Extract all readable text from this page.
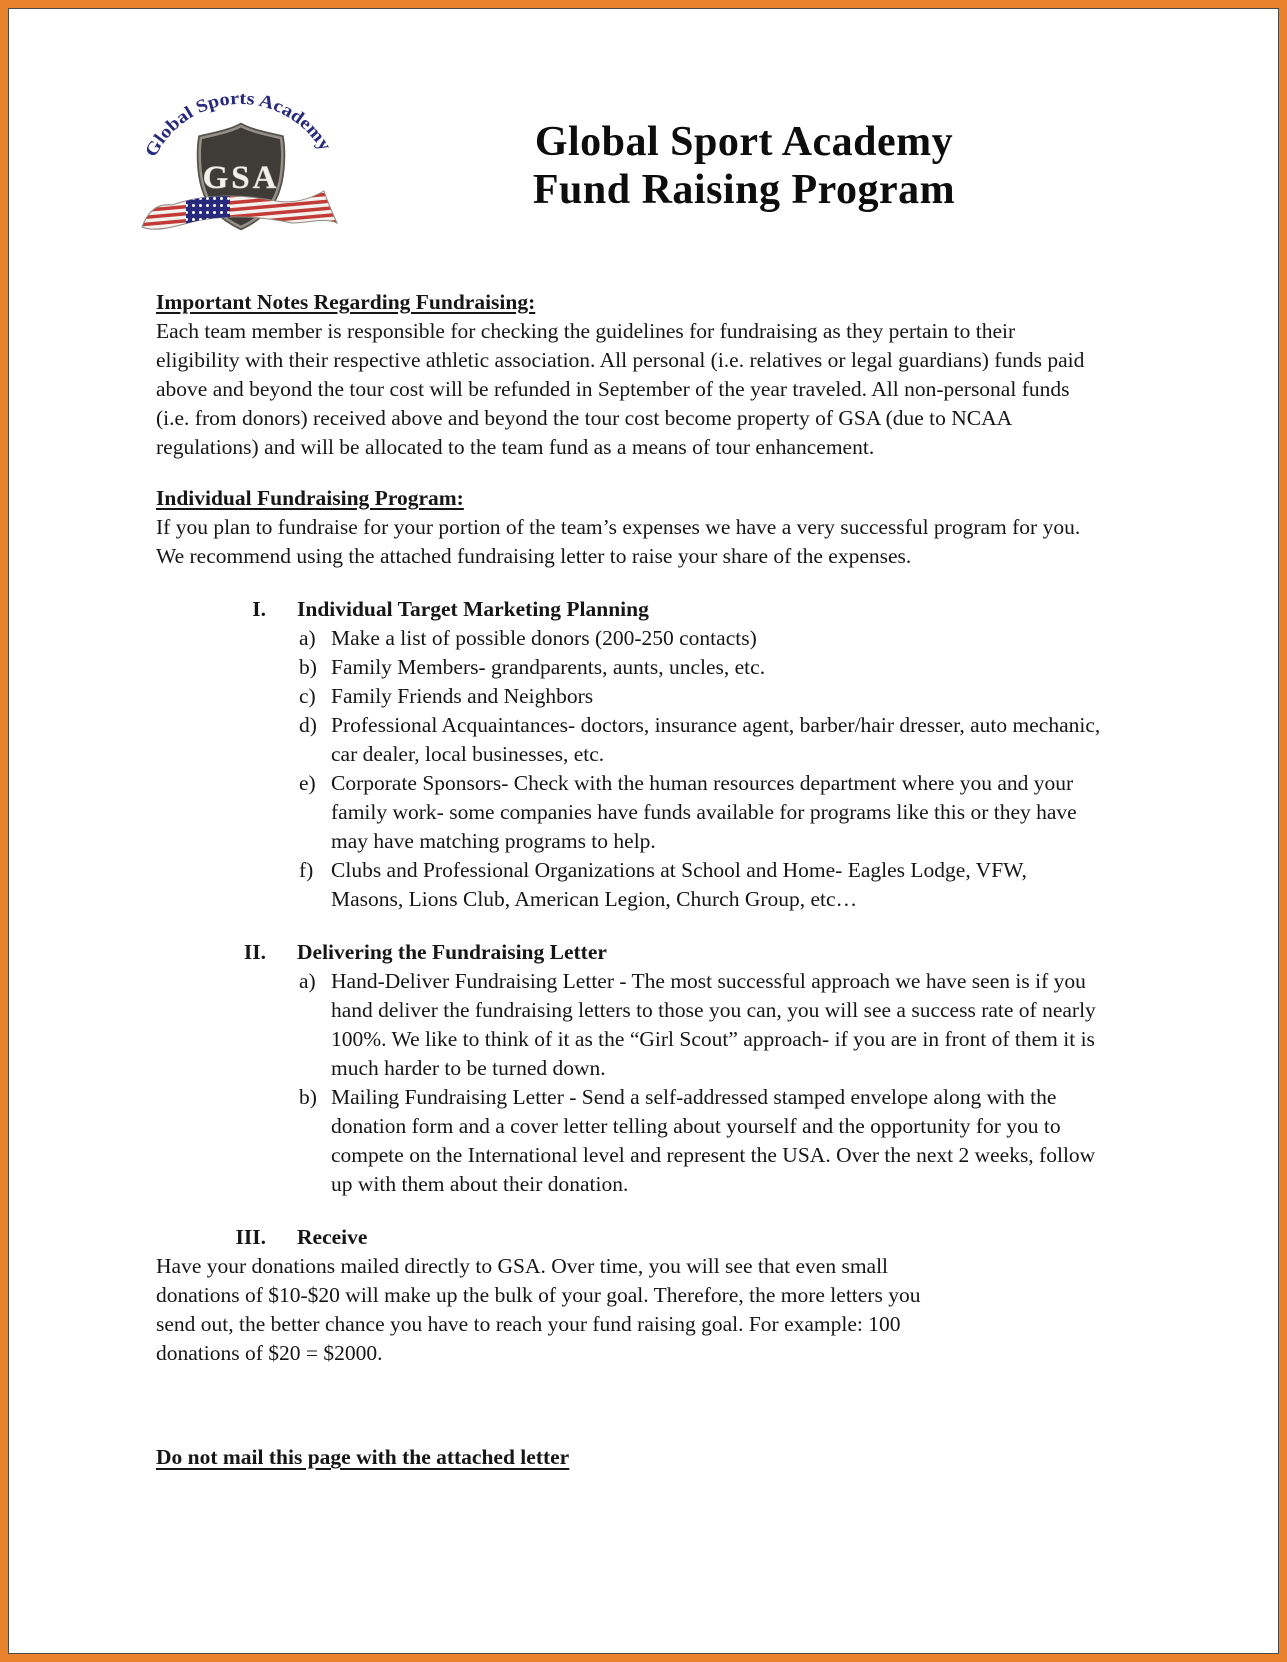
GSA
Global Sports Academy	Global Sport Academy
Fund Raising Program
Important Notes Regarding Fundraising:

Each team member is responsible for checking the guidelines for fundraising as they pertain to their eligibility with their respective athletic association. All personal (i.e. relatives or legal guardians) funds paid above and beyond the tour cost will be refunded in September of the year traveled. All non-personal funds (i.e. from donors) received above and beyond the tour cost become property of GSA (due to NCAA regulations) and will be allocated to the team fund as a means of tour enhancement.

Individual Fundraising Program:

If you plan to fundraise for your portion of the team’s expenses we have a very successful program for you. We recommend using the attached fundraising letter to raise your share of the expenses.

I. Individual Target Marketing Planning
a) Make a list of possible donors (200-250 contacts)
b) Family Members- grandparents, aunts, uncles, etc.
c) Family Friends and Neighbors
d) Professional Acquaintances- doctors, insurance agent, barber/hair dresser, auto mechanic, car dealer, local businesses, etc.
e) Corporate Sponsors- Check with the human resources department where you and your family work- some companies have funds available for programs like this or they have may have matching programs to help.
f) Clubs and Professional Organizations at School and Home- Eagles Lodge, VFW, Masons, Lions Club, American Legion, Church Group, etc…
II. Delivering the Fundraising Letter
a) Hand-Deliver Fundraising Letter - The most successful approach we have seen is if you hand deliver the fundraising letters to those you can, you will see a success rate of nearly 100%. We like to think of it as the “Girl Scout” approach- if you are in front of them it is much harder to be turned down.
b) Mailing Fundraising Letter - Send a self-addressed stamped envelope along with the donation form and a cover letter telling about yourself and the opportunity for you to compete on the International level and represent the USA. Over the next 2 weeks, follow up with them about their donation.
III. Receive

Have your donations mailed directly to GSA. Over time, you will see that even small donations of $10-$20 will make up the bulk of your goal. Therefore, the more letters you send out, the better chance you have to reach your fund raising goal. For example: 100 donations of $20 = $2000.

Do not mail this page with the attached letter
